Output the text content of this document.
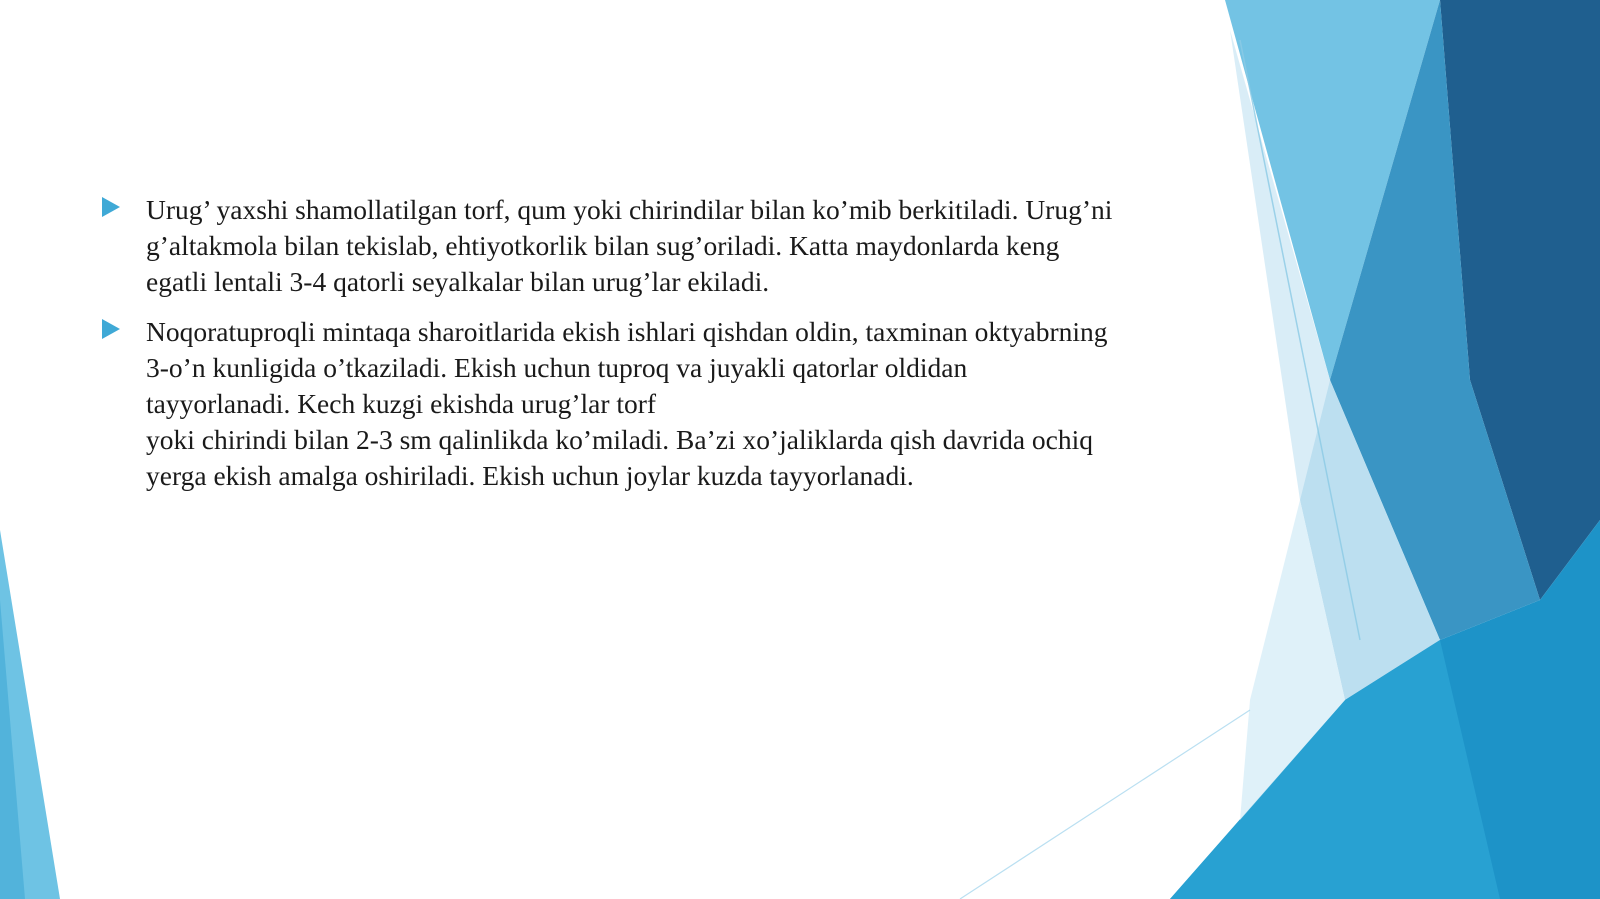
Urug’ yaxshi shamollatilgan torf, qum yoki chirindilar bilan ko’mib berkitiladi. Urug’ni
g’altakmola bilan tekislab, ehtiyotkorlik bilan sug’oriladi. Katta maydonlarda keng
egatli lentali 3-4 qatorli seyalkalar bilan urug’lar ekiladi.
Noqoratuproqli mintaqa sharoitlarida ekish ishlari qishdan oldin, taxminan oktyabrning
3-o’n kunligida o’tkaziladi. Ekish uchun tuproq va juyakli qatorlar oldidan
tayyorlanadi. Kech kuzgi ekishda urug’lar torf
yoki chirindi bilan 2-3 sm qalinlikda ko’miladi. Ba’zi xo’jaliklarda qish davrida ochiq
yerga ekish amalga oshiriladi. Ekish uchun joylar kuzda tayyorlanadi.
